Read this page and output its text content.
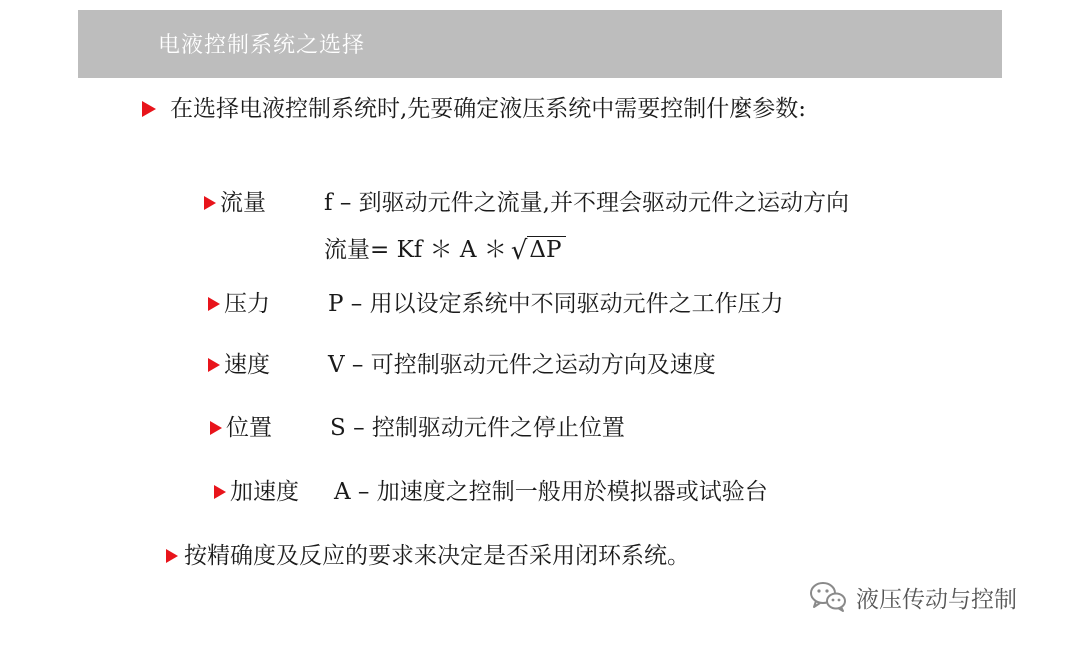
电液控制系统之选择
在选择电液控制系统时,先要确定液压系统中需要控制什麼参数:
流量	f – 到驱动元件之流量,并不理会驱动元件之运动方向
流量= Kf ＊ A ＊ √ ΔP
压力	P – 用以设定系统中不同驱动元件之工作压力
速度	V – 可控制驱动元件之运动方向及速度
位置	S – 控制驱动元件之停止位置
加速度 A – 加速度之控制一般用於模拟器或试验台
按精确度及反应的要求来决定是否采用闭环系统。
液压传动与控制
